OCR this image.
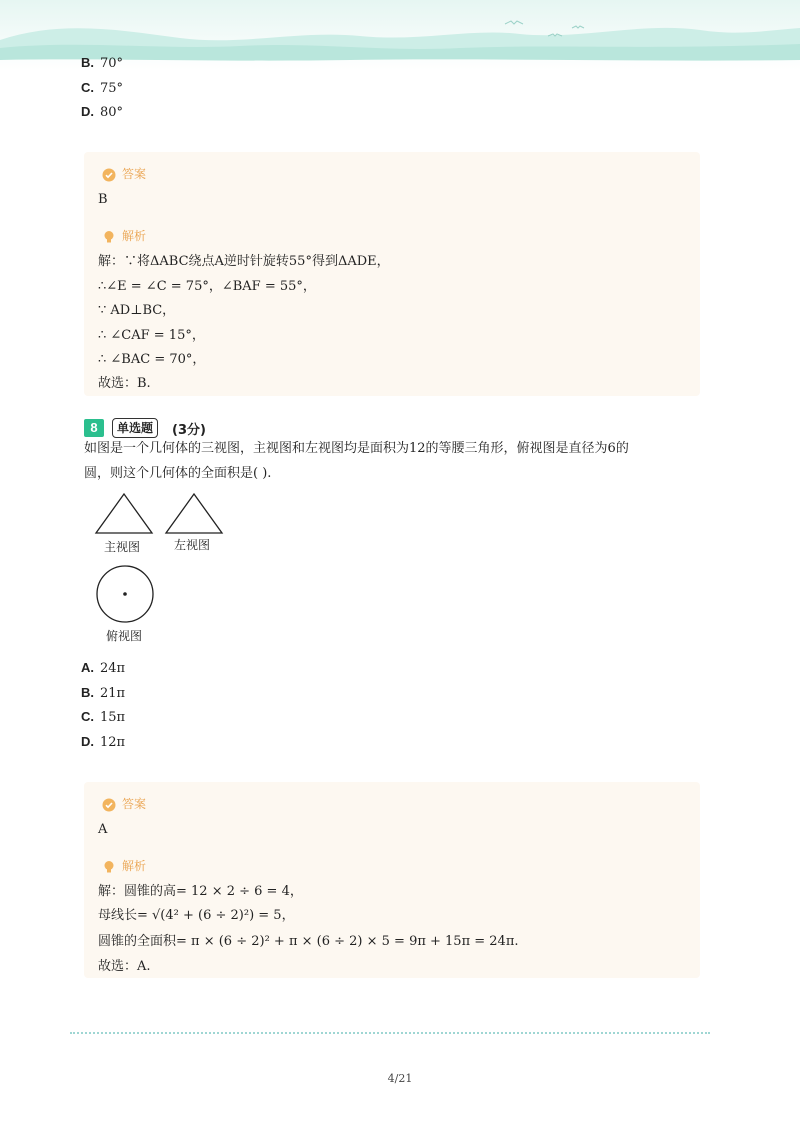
B. 70°
C. 75°
D. 80°
答案
B
解析
解：∵将ΔABC绕点A逆时针旋转55°得到ΔADE，
∴∠E = ∠C = 75°，∠BAF = 55°，
∵ AD⊥BC，
∴ ∠CAF = 15°，
∴ ∠BAC = 70°，
故选：B.
8	单选题	(3分)
如图是一个几何体的三视图，主视图和左视图均是面积为12的等腰三角形，俯视图是直径为6的
圆，则这个几何体的全面积是( ).
主视图	左视图
俯视图
A. 24π
B. 21π
C. 15π
D. 12π
答案
A
解析
解：圆锥的高= 12 × 2 ÷ 6 = 4，
母线长= √(4² + (6 ÷ 2)²) = 5，
圆锥的全面积= π × (6 ÷ 2)² + π × (6 ÷ 2) × 5 = 9π + 15π = 24π.
故选：A.
4/21
